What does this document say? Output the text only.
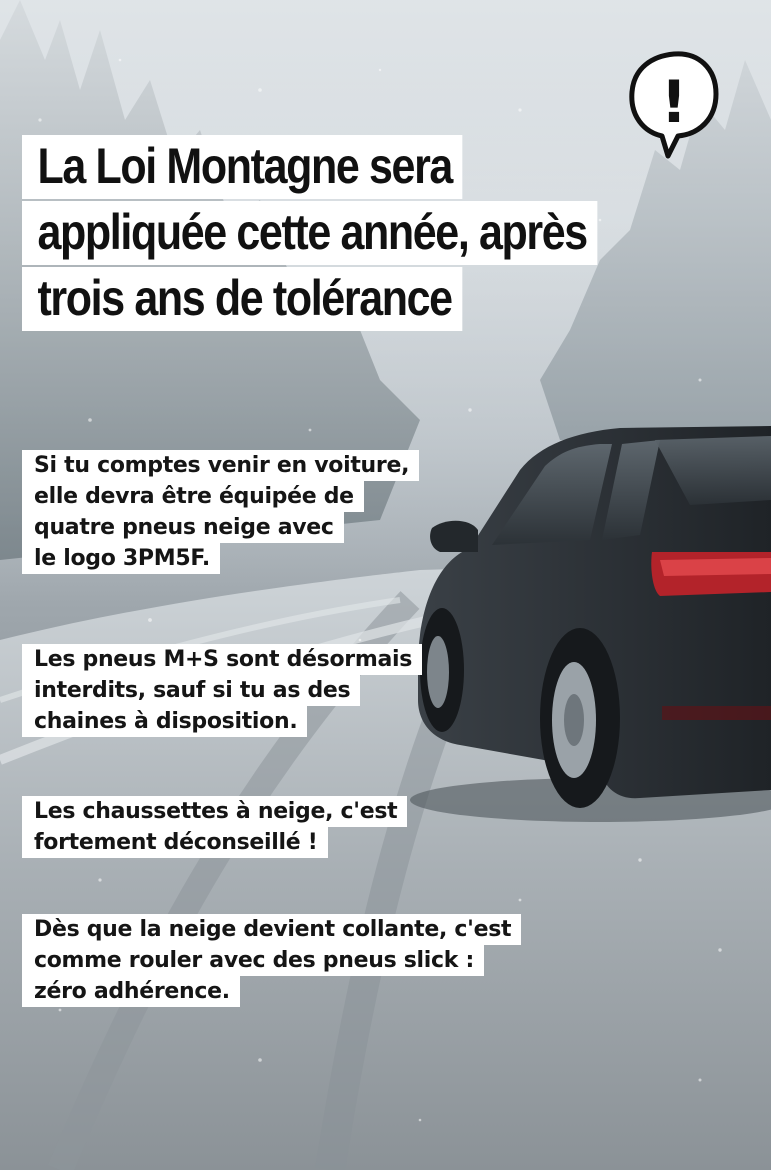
!
La Loi Montagne sera
appliquée cette année, après
trois ans de tolérance
Si tu comptes venir en voiture,
elle devra être équipée de
quatre pneus neige avec
le logo 3PM5F.
Les pneus M+S sont désormais
interdits, sauf si tu as des
chaines à disposition.
Les chaussettes à neige, c'est
fortement déconseillé !
Dès que la neige devient collante, c'est
comme rouler avec des pneus slick :
zéro adhérence.
